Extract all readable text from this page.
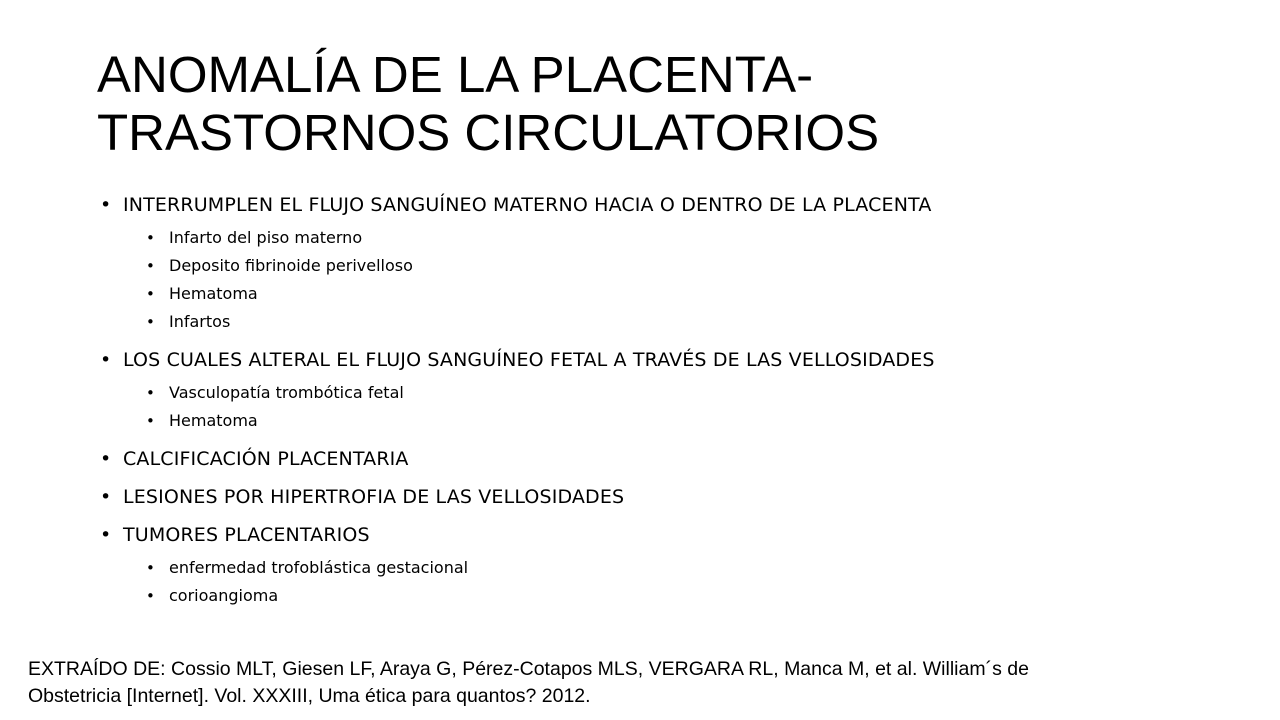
ANOMALÍA DE LA PLACENTA-
TRASTORNOS CIRCULATORIOS
• INTERRUMPLEN EL FLUJO SANGUÍNEO MATERNO HACIA O DENTRO DE LA PLACENTA
• Infarto del piso materno
• Deposito fibrinoide perivelloso
• Hematoma
• Infartos
• LOS CUALES ALTERAL EL FLUJO SANGUÍNEO FETAL A TRAVÉS DE LAS VELLOSIDADES
• Vasculopatía trombótica fetal
• Hematoma
• CALCIFICACIÓN PLACENTARIA
• LESIONES POR HIPERTROFIA DE LAS VELLOSIDADES
• TUMORES PLACENTARIOS
• enfermedad trofoblástica gestacional
• corioangioma

EXTRAÍDO DE: Cossio MLT, Giesen LF, Araya G, Pérez-Cotapos MLS, VERGARA RL, Manca M, et al. William´s de
Obstetricia [Internet]. Vol. XXXIII, Uma ética para quantos? 2012.
